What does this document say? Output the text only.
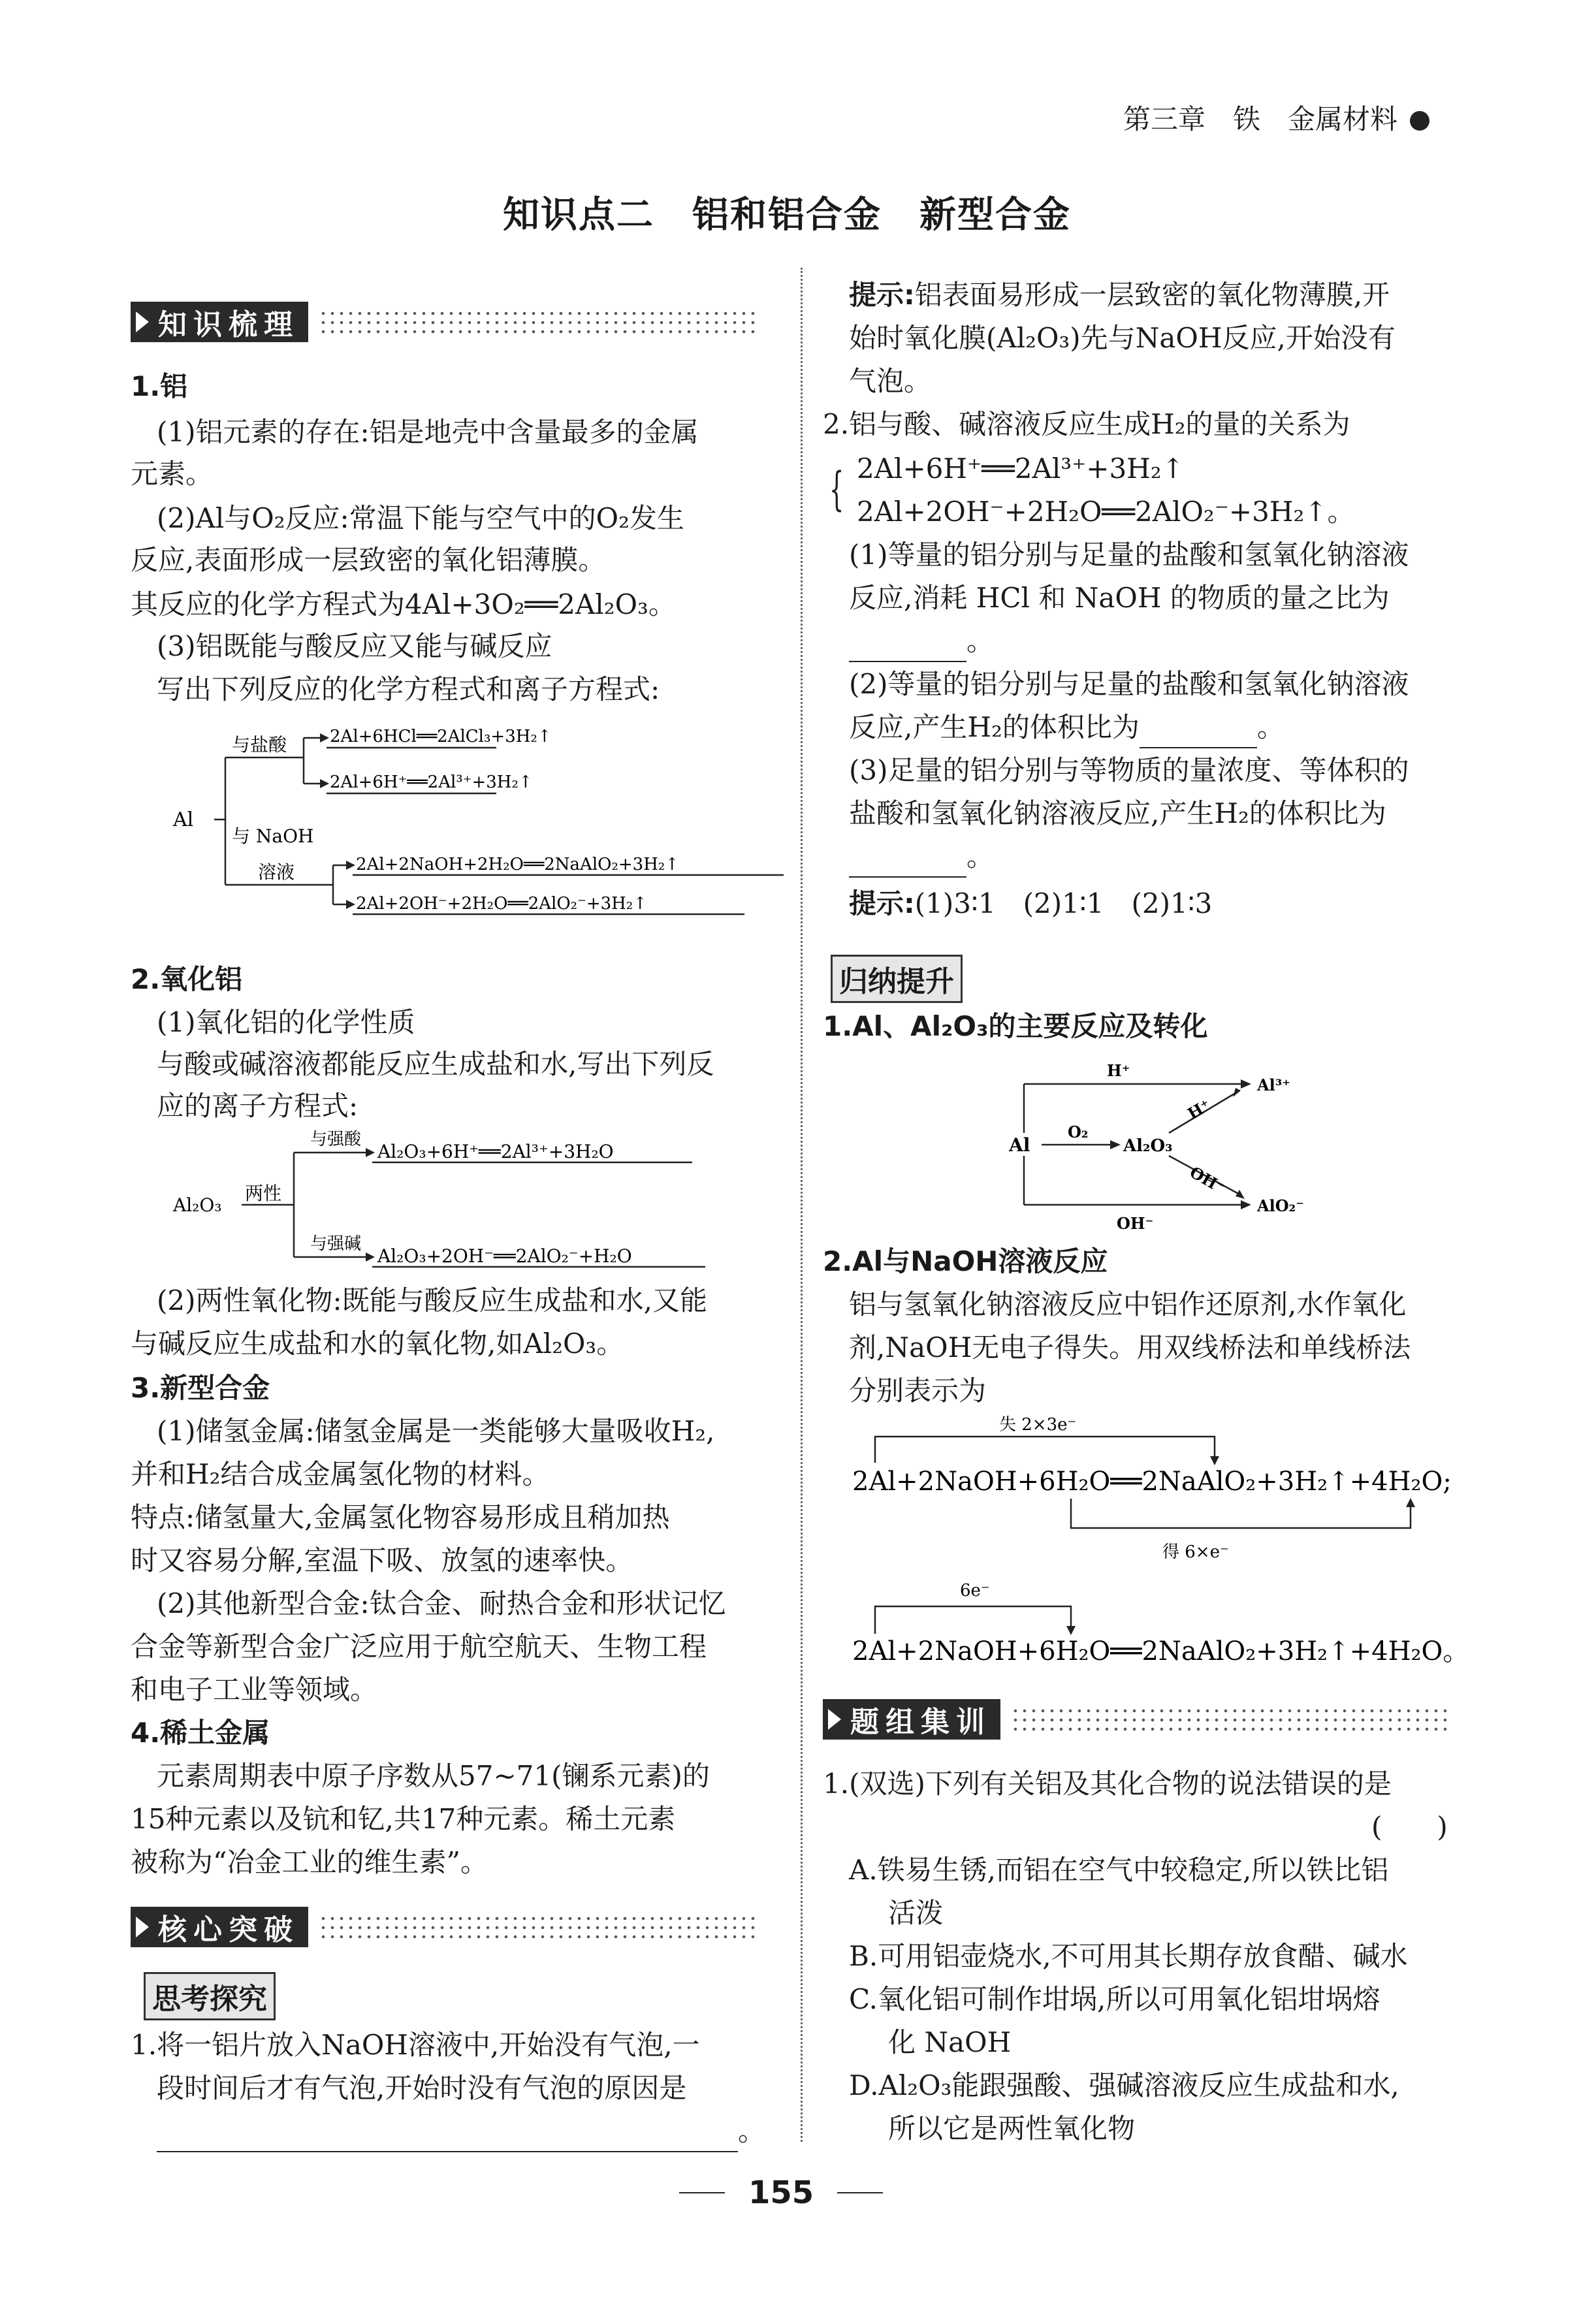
第三章　铁　金属材料
知识点二　铝和铝合金　新型合金
知识梳理
1.铝
(1)铝元素的存在:铝是地壳中含量最多的金属
元素。
(2)Al与O₂反应:常温下能与空气中的O₂发生
反应,表面形成一层致密的氧化铝薄膜。
其反应的化学方程式为4Al+3O₂══2Al₂O₃。
(3)铝既能与酸反应又能与碱反应
写出下列反应的化学方程式和离子方程式:
Al
与盐酸	2Al+6HCl══2AlCl₃+3H₂↑
2Al+6H⁺══2Al³⁺+3H₂↑
与 NaOH
溶液	2Al+2NaOH+2H₂O══2NaAlO₂+3H₂↑
2Al+2OH⁻+2H₂O══2AlO₂⁻+3H₂↑
2.氧化铝
(1)氧化铝的化学性质
与酸或碱溶液都能反应生成盐和水,写出下列反
应的离子方程式:
Al₂O₃
两性
与强酸
Al₂O₃+6H⁺══2Al³⁺+3H₂O
与强碱
Al₂O₃+2OH⁻══2AlO₂⁻+H₂O
(2)两性氧化物:既能与酸反应生成盐和水,又能
与碱反应生成盐和水的氧化物,如Al₂O₃。
3.新型合金
(1)储氢金属:储氢金属是一类能够大量吸收H₂,
并和H₂结合成金属氢化物的材料。
特点:储氢量大,金属氢化物容易形成且稍加热
时又容易分解,室温下吸、放氢的速率快。
(2)其他新型合金:钛合金、耐热合金和形状记忆
合金等新型合金广泛应用于航空航天、生物工程
和电子工业等领域。
4.稀土金属
元素周期表中原子序数从57~71(镧系元素)的
15种元素以及钪和钇,共17种元素。稀土元素
被称为“冶金工业的维生素”。
核心突破
思考探究
1.将一铝片放入NaOH溶液中,开始没有气泡,一
段时间后才有气泡,开始时没有气泡的原因是
。
提示:铝表面易形成一层致密的氧化物薄膜,开
始时氧化膜(Al₂O₃)先与NaOH反应,开始没有
气泡。
2.铝与酸、碱溶液反应生成H₂的量的关系为
{ 2Al+6H⁺══2Al³⁺+3H₂↑
2Al+2OH⁻+2H₂O══2AlO₂⁻+3H₂↑。
(1)等量的铝分别与足量的盐酸和氢氧化钠溶液
反应,消耗 HCl 和 NaOH 的物质的量之比为
。
(2)等量的铝分别与足量的盐酸和氢氧化钠溶液
反应,产生H₂的体积比为	。
(3)足量的铝分别与等物质的量浓度、等体积的
盐酸和氢氧化钠溶液反应,产生H₂的体积比为
。
提示:(1)3∶1　(2)1∶1　(2)1∶3
归纳提升
1.Al、Al₂O₃的主要反应及转化
Al
O₂
Al₂O₃
H⁺
H⁺
Al³⁺
OH⁻
AlO₂⁻
OH⁻
2.Al与NaOH溶液反应
铝与氢氧化钠溶液反应中铝作还原剂,水作氧化
剂,NaOH无电子得失。用双线桥法和单线桥法
分别表示为
失 2×3e⁻
2Al+2NaOH+6H₂O══2NaAlO₂+3H₂↑+4H₂O;
得 6×e⁻
6e⁻
2Al+2NaOH+6H₂O══2NaAlO₂+3H₂↑+4H₂O。
题组集训
1.(双选)下列有关铝及其化合物的说法错误的是
(　　)
A.铁易生锈,而铝在空气中较稳定,所以铁比铝
活泼
B.可用铝壶烧水,不可用其长期存放食醋、碱水
C.氧化铝可制作坩埚,所以可用氧化铝坩埚熔
化 NaOH
D.Al₂O₃能跟强酸、强碱溶液反应生成盐和水,
所以它是两性氧化物
155
